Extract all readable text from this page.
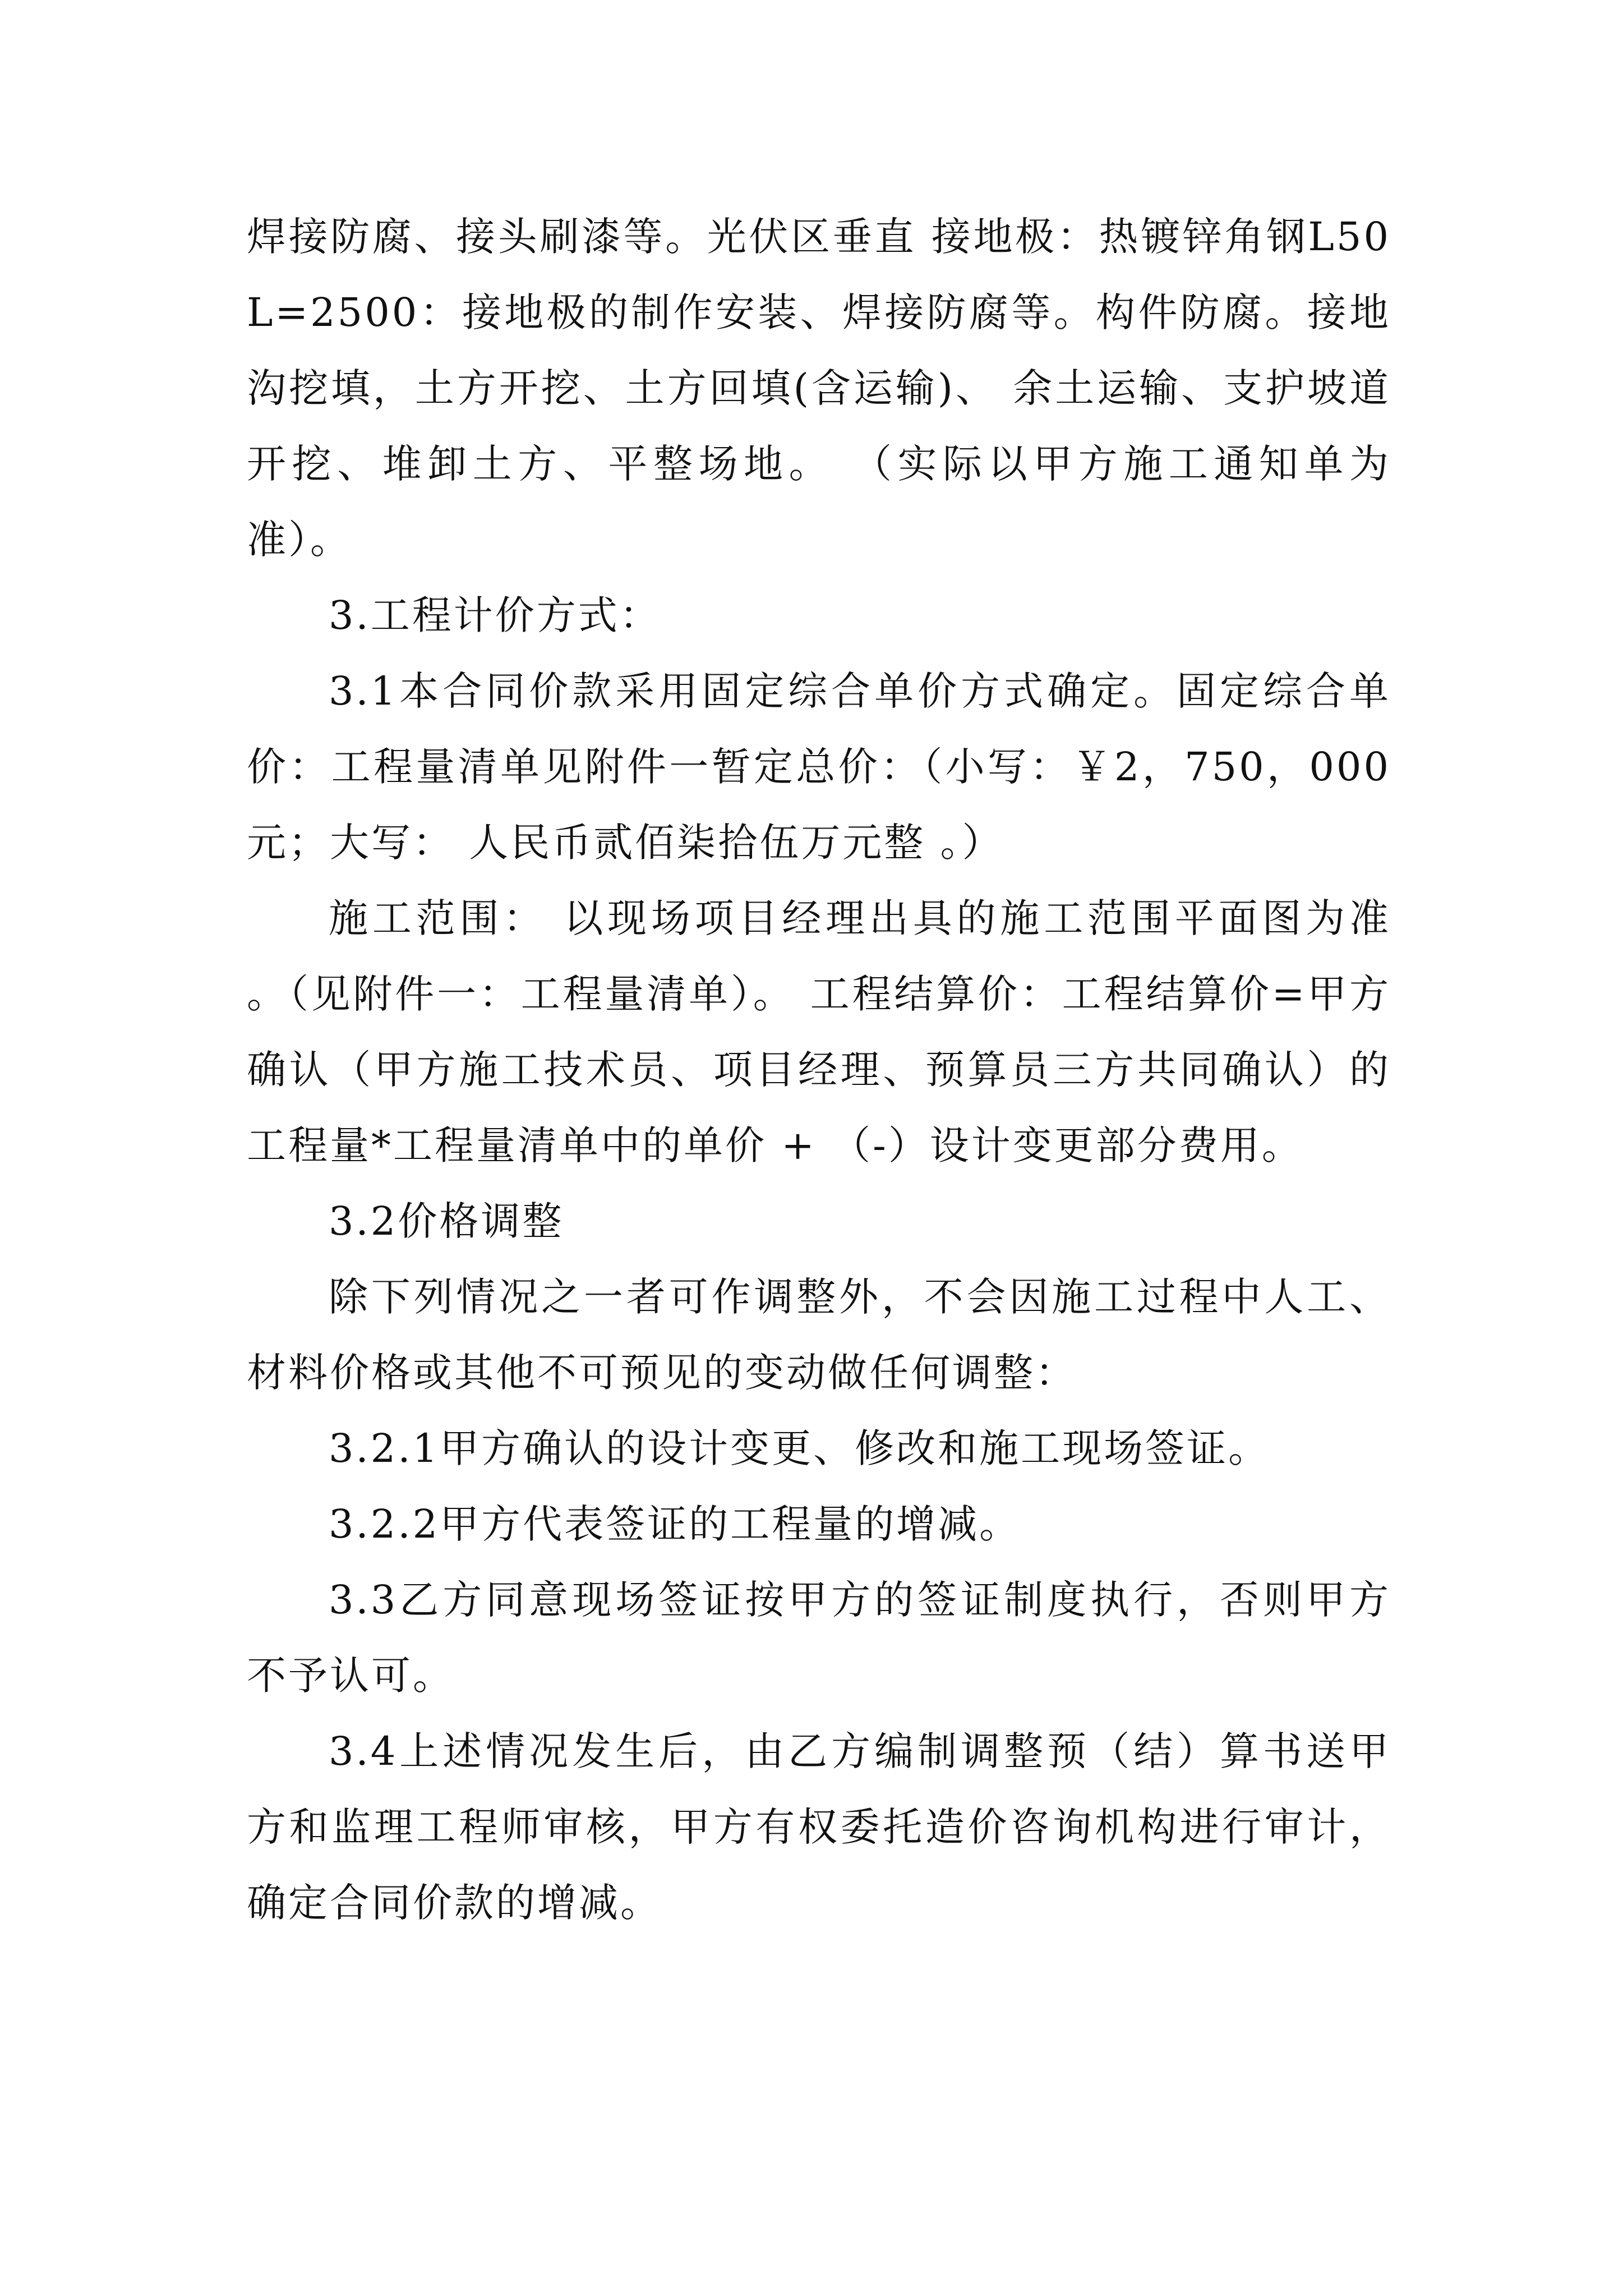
焊接防腐、接头刷漆等。光伏区垂直 接地极：热镀锌角钢L50 L=2500：接地极的制作安装、焊接防腐等。构件防腐。接地沟挖填，土方开挖、土方回填(含运输)、 余土运输、支护坡道开挖、堆卸土方、平整场地。 （实际以甲方施工通知单为准）。

3.工程计价方式：

3.1本合同价款采用固定综合单价方式确定。固定综合单价：工程量清单见附件一暂定总价：（小写：￥2，750，000元；大写： 人民币贰佰柒拾伍万元整 。）

施工范围： 以现场项目经理出具的施工范围平面图为准 。（见附件一：工程量清单）。 工程结算价：工程结算价=甲方确认（甲方施工技术员、项目经理、预算员三方共同确认）的工程量*工程量清单中的单价 + （-）设计变更部分费用。

3.2价格调整

除下列情况之一者可作调整外，不会因施工过程中人工、材料价格或其他不可预见的变动做任何调整：

3.2.1甲方确认的设计变更、修改和施工现场签证。

3.2.2甲方代表签证的工程量的增减。

3.3乙方同意现场签证按甲方的签证制度执行，否则甲方不予认可。

3.4上述情况发生后，由乙方编制调整预（结）算书送甲方和监理工程师审核，甲方有权委托造价咨询机构进行审计，确定合同价款的增减。
